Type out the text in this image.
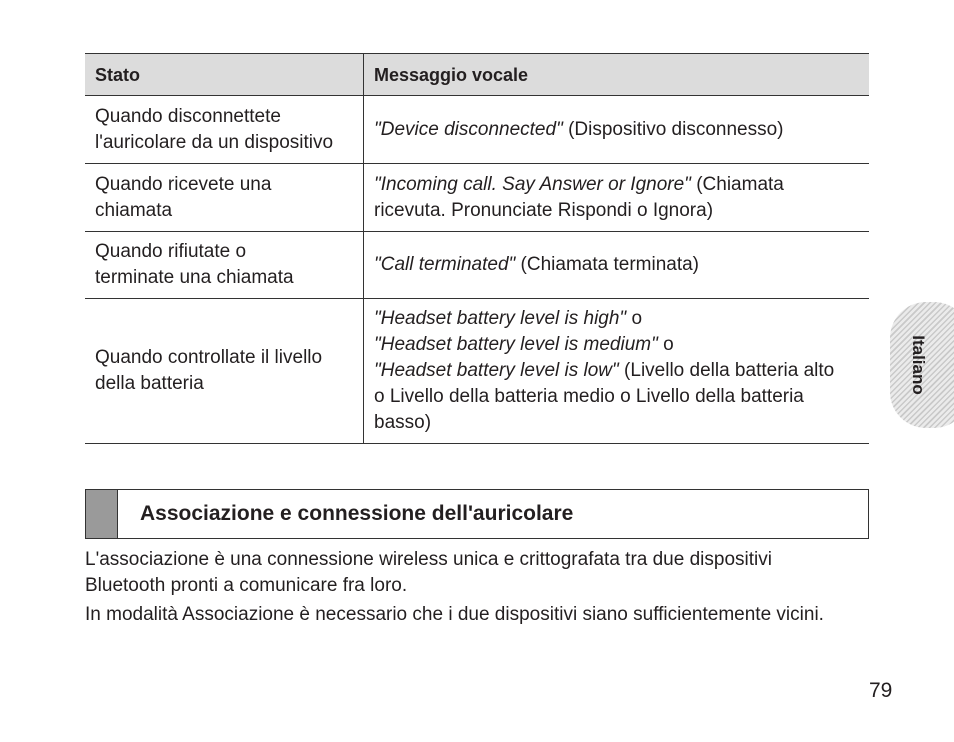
Stato	Messaggio vocale
Quando disconnettete
l'auricolare da un dispositivo	"Device disconnected" (Dispositivo disconnesso)
Quando ricevete una
chiamata	"Incoming call. Say Answer or Ignore" (Chiamata
ricevuta. Pronunciate Rispondi o Ignora)
Quando rifiutate o
terminate una chiamata	"Call terminated" (Chiamata terminata)
Quando controllate il livello
della batteria	"Headset battery level is high" o
"Headset battery level is medium" o
"Headset battery level is low" (Livello della batteria alto
o Livello della batteria medio o Livello della batteria
basso)
Italiano
Associazione e connessione dell'auricolare

L'associazione è una connessione wireless unica e crittografata tra due dispositivi
Bluetooth pronti a comunicare fra loro.

In modalità Associazione è necessario che i due dispositivi siano sufficientemente vicini.

79
